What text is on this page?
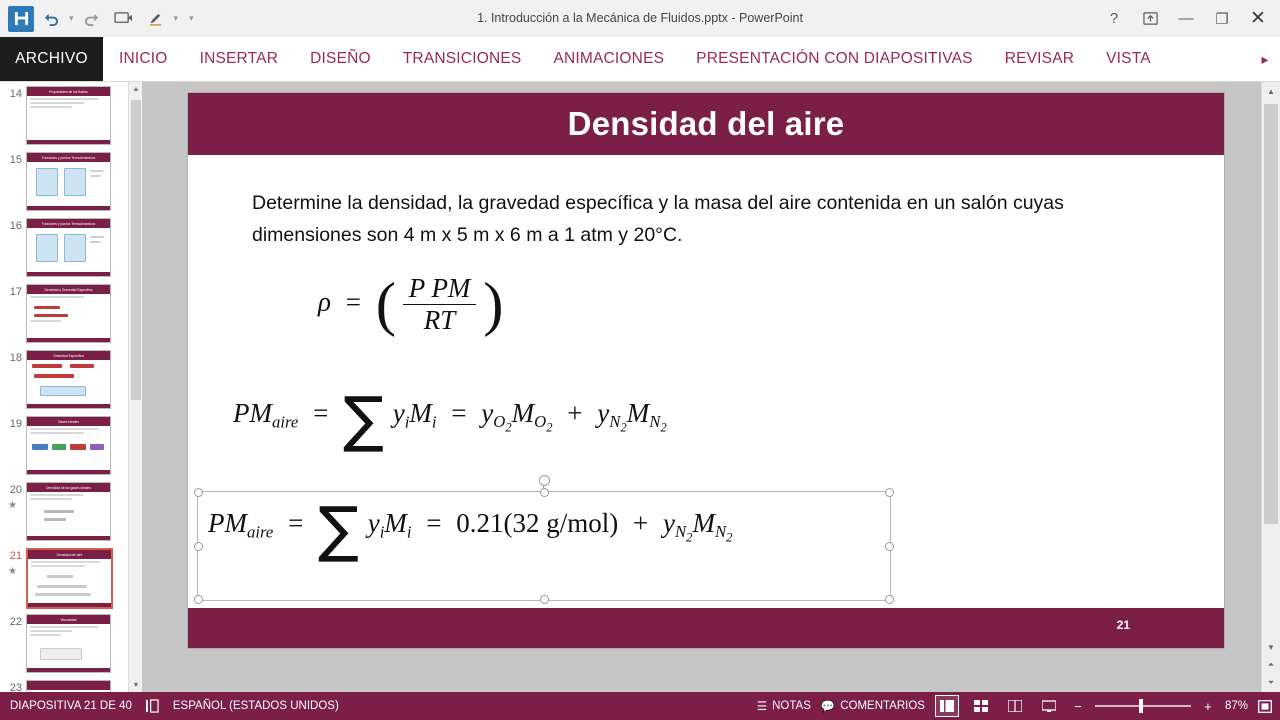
▾	▾	▾	1. Introducción a la Mecánica de Fluidos.pptx - PowerPoint	?	—	❐	✕
ARCHIVO	INICIO	INSERTAR	DISEÑO	TRANSICIONES	ANIMACIONES	PRESENTACIÓN CON DIAPOSITIVAS	REVISAR	VISTA	▸
14	Propiedades de los fluidos
15	Funciones y puntos Termodinámicos
16	Funciones y puntos Termodinámicos
17	Densidad y Gravedad Específica
18	Gravedad Específica
19	Gases Ideales
20
★
Densidad de los gases ideales
21
★
Densidad del aire
22	Viscosidad
23
▲
▼
Densidad del aire
Determine la densidad, la gravedad específica y la masa del aire contenida en un salón cuyas dimensiones son 4 m x 5 m x 6 m a 1 atm y 20°C.
ρ = ( $\frac{\text{P PM}}{RT}$ )
$PM_{aire}$ = ∑ $y_iM_i = y_{O_2}M_{O_2} + y_{N_2}M_{N_2}$
$PM_{aire}$ = ∑ $y_iM_i = 0.21(32$ $g/mol) + y_{N_2}M_{N_2}$
21
▲
▼
⏶
⏷
DIAPOSITIVA 21 DE 40	ESPAÑOL (ESTADOS UNIDOS)	☰ NOTAS 💬 COMENTARIOS	−	+ 87%
